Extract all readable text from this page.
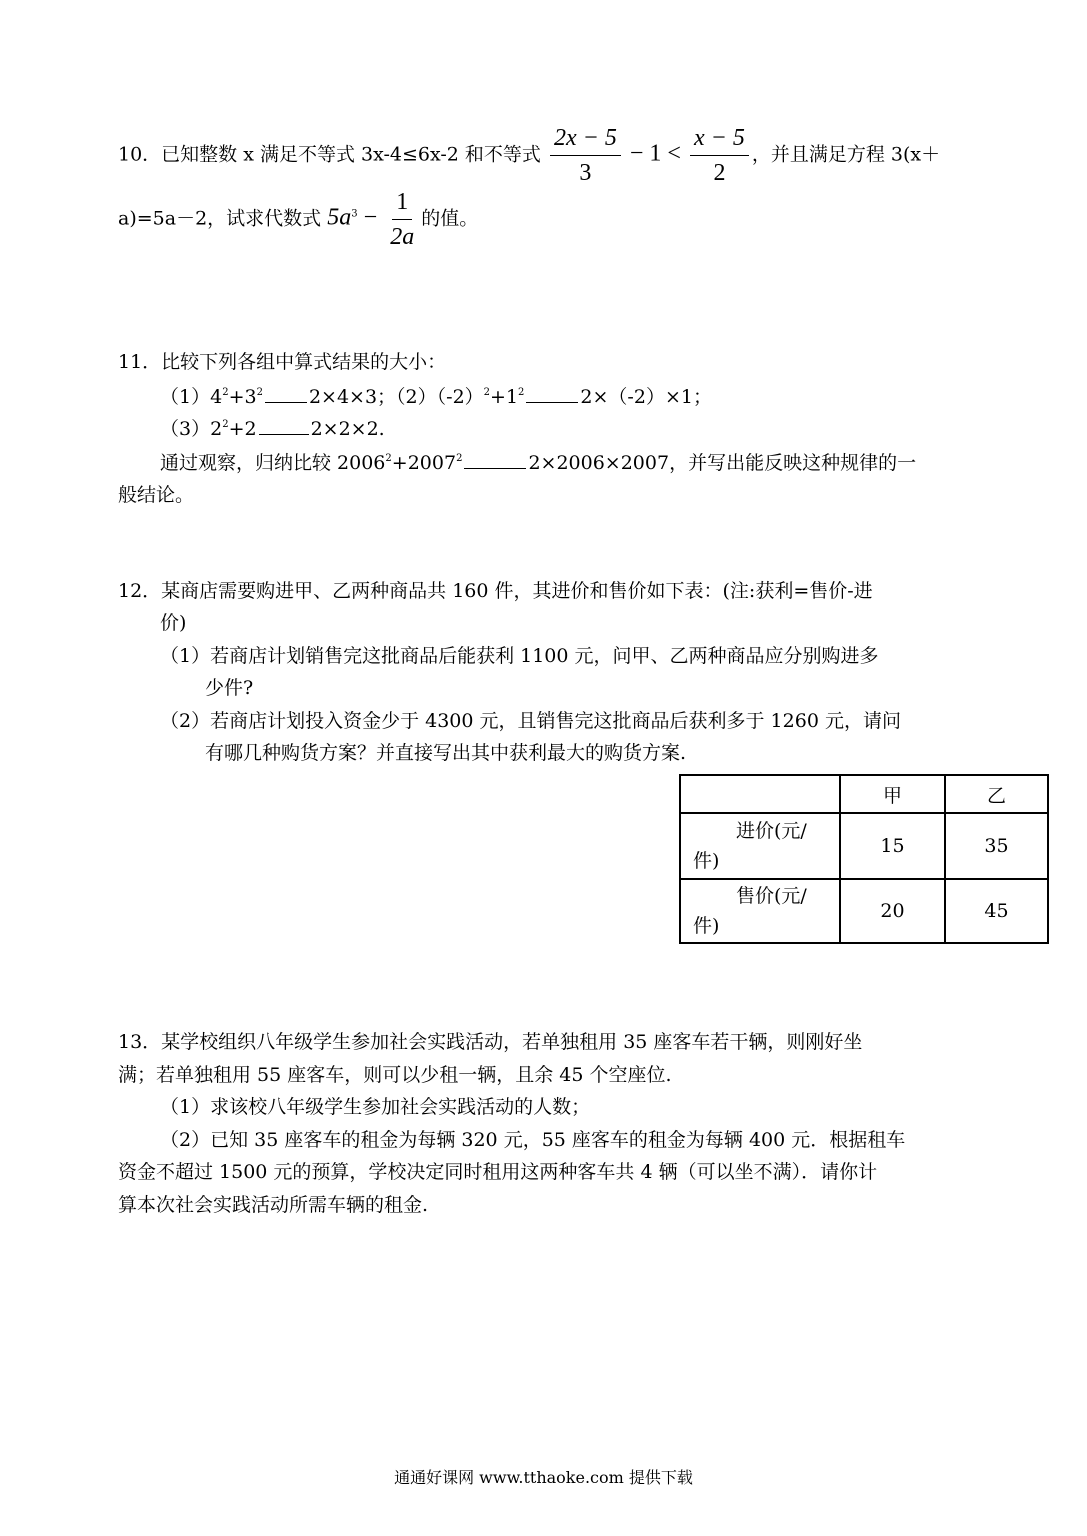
10．已知整数 x 满足不等式 3x-4≤6x-2 和不等式 $\frac{2x - 5}{3} - 1 < \frac{x - 5}{2}$ ，并且满足方程 3(x＋
a)=5a－2，试求代数式 $5a^3 - \frac{1}{2a}$ 的值。
11．比较下列各组中算式结果的大小：
$(1)4^2+3^2$ 2×4×3；$(2)(-2)^2+1^2$	2×（-2）×1；
$(3)2^2+2$	2×2×2.
通过观察，归纳比较 $2006^2+2007^2$	2×2006×2007，并写出能反映这种规律的一
般结论。
12．某商店需要购进甲、乙两种商品共 160 件，其进价和售价如下表：(注:获利=售价-进
价)
（1）若商店计划销售完这批商品后能获利 1100 元，问甲、乙两种商品应分别购进多
少件?
（2）若商店计划投入资金少于 4300 元，且销售完这批商品后获利多于 1260 元，请问
有哪几种购货方案？并直接写出其中获利最大的购货方案.
	甲	乙

进价(元/
件)	15	35

售价(元/
件)	20	45
13．某学校组织八年级学生参加社会实践活动，若单独租用 35 座客车若干辆，则刚好坐
满；若单独租用 55 座客车，则可以少租一辆，且余 45 个空座位.
（1）求该校八年级学生参加社会实践活动的人数；
（2）已知 35 座客车的租金为每辆 320 元，55 座客车的租金为每辆 400 元．根据租车
资金不超过 1500 元的预算，学校决定同时租用这两种客车共 4 辆（可以坐不满）．请你计
算本次社会实践活动所需车辆的租金.
通通好课网 www.tthaoke.com 提供下载
